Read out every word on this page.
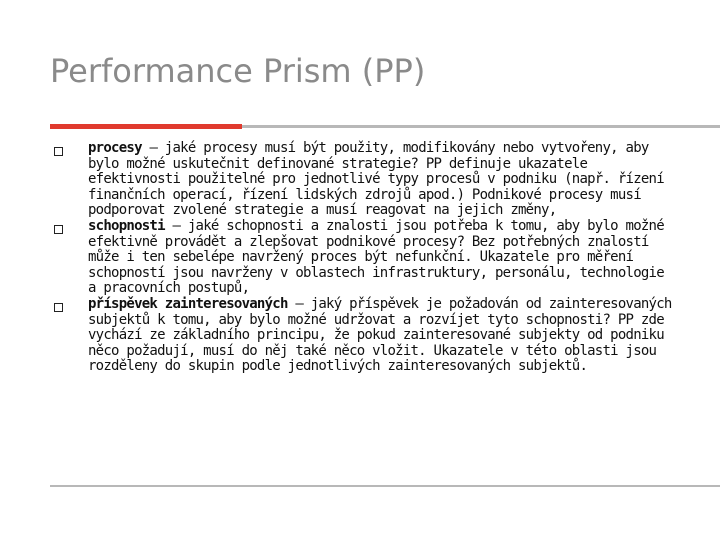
Performance Prism (PP)
procesy – jaké procesy musí být použity, modifikovány nebo vytvořeny, aby bylo možné uskutečnit definované strategie? PP definuje ukazatele efektivnosti použitelné pro jednotlivé typy procesů v podniku (např. řízení finančních operací, řízení lidských zdrojů apod.) Podnikové procesy musí podporovat zvolené strategie a musí reagovat na jejich změny,
schopnosti – jaké schopnosti a znalosti jsou potřeba k tomu, aby bylo možné efektivně provádět a zlepšovat podnikové procesy? Bez potřebných znalostí může i ten sebelépe navržený proces být nefunkční. Ukazatele pro měření schopností jsou navrženy v oblastech infrastruktury, personálu, technologie a pracovních postupů,
příspěvek zainteresovaných – jaký příspěvek je požadován od zainteresovaných subjektů k tomu, aby bylo možné udržovat a rozvíjet tyto schopnosti? PP zde vychází ze základního principu, že pokud zainteresované subjekty od podniku něco požadují, musí do něj také něco vložit. Ukazatele v této oblasti jsou rozděleny do skupin podle jednotlivých zainteresovaných subjektů.
